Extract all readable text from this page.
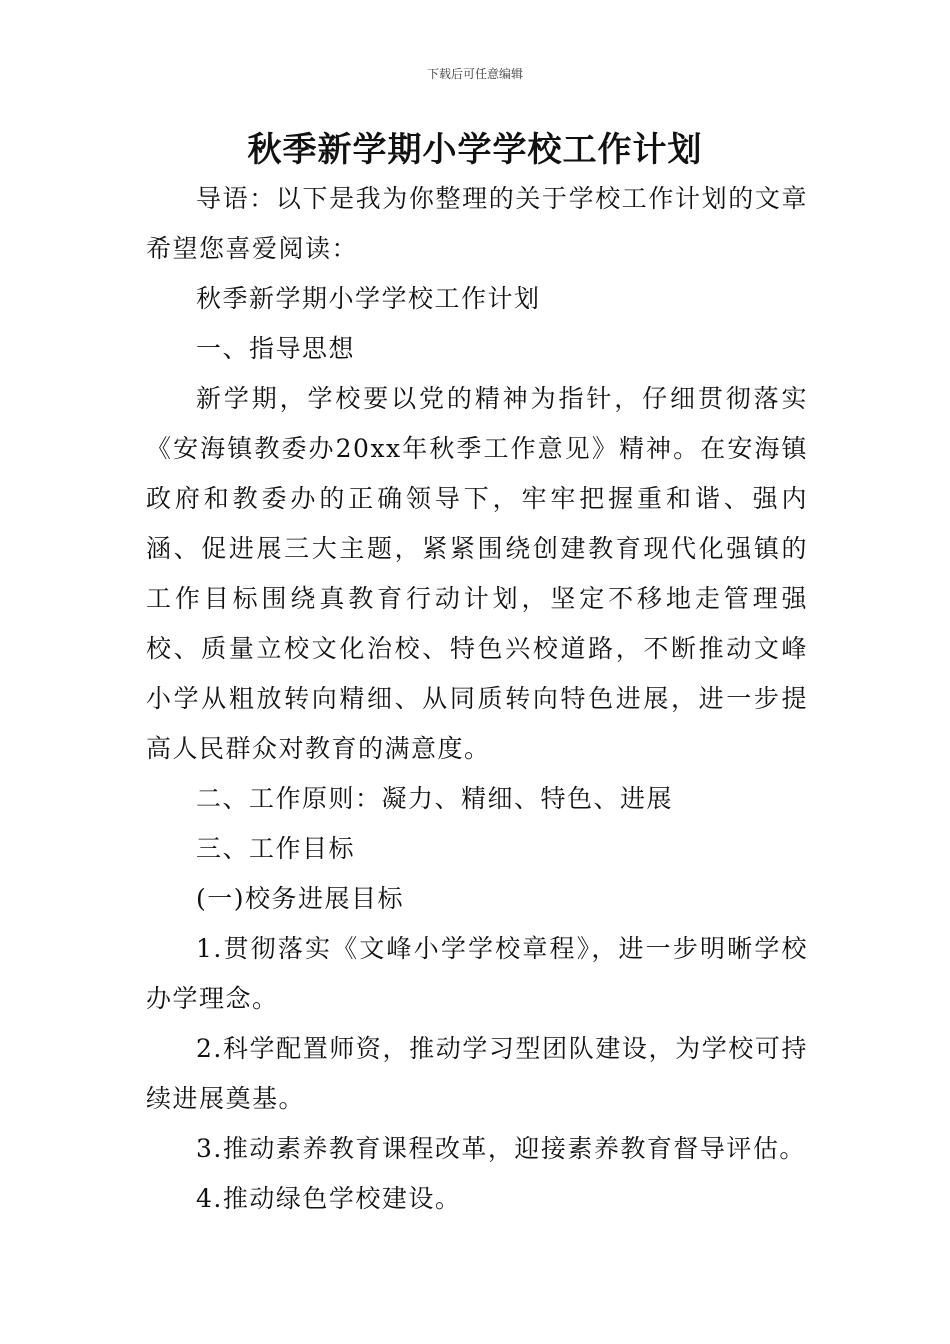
下载后可任意编辑
秋季新学期小学学校工作计划

导语：以下是我为你整理的关于学校工作计划的文章希望您喜爱阅读：

秋季新学期小学学校工作计划

一、指导思想

新学期，学校要以党的精神为指针，仔细贯彻落实《安海镇教委办20xx年秋季工作意见》精神。在安海镇政府和教委办的正确领导下，牢牢把握重和谐、强内涵、促进展三大主题，紧紧围绕创建教育现代化强镇的工作目标围绕真教育行动计划，坚定不移地走管理强校、质量立校文化治校、特色兴校道路，不断推动文峰小学从粗放转向精细、从同质转向特色进展，进一步提高人民群众对教育的满意度。

二、工作原则：凝力、精细、特色、进展

三、工作目标

(一)校务进展目标

1.贯彻落实《文峰小学学校章程》，进一步明晰学校办学理念。

2.科学配置师资，推动学习型团队建设，为学校可持续进展奠基。

3.推动素养教育课程改革，迎接素养教育督导评估。

4.推动绿色学校建设。
